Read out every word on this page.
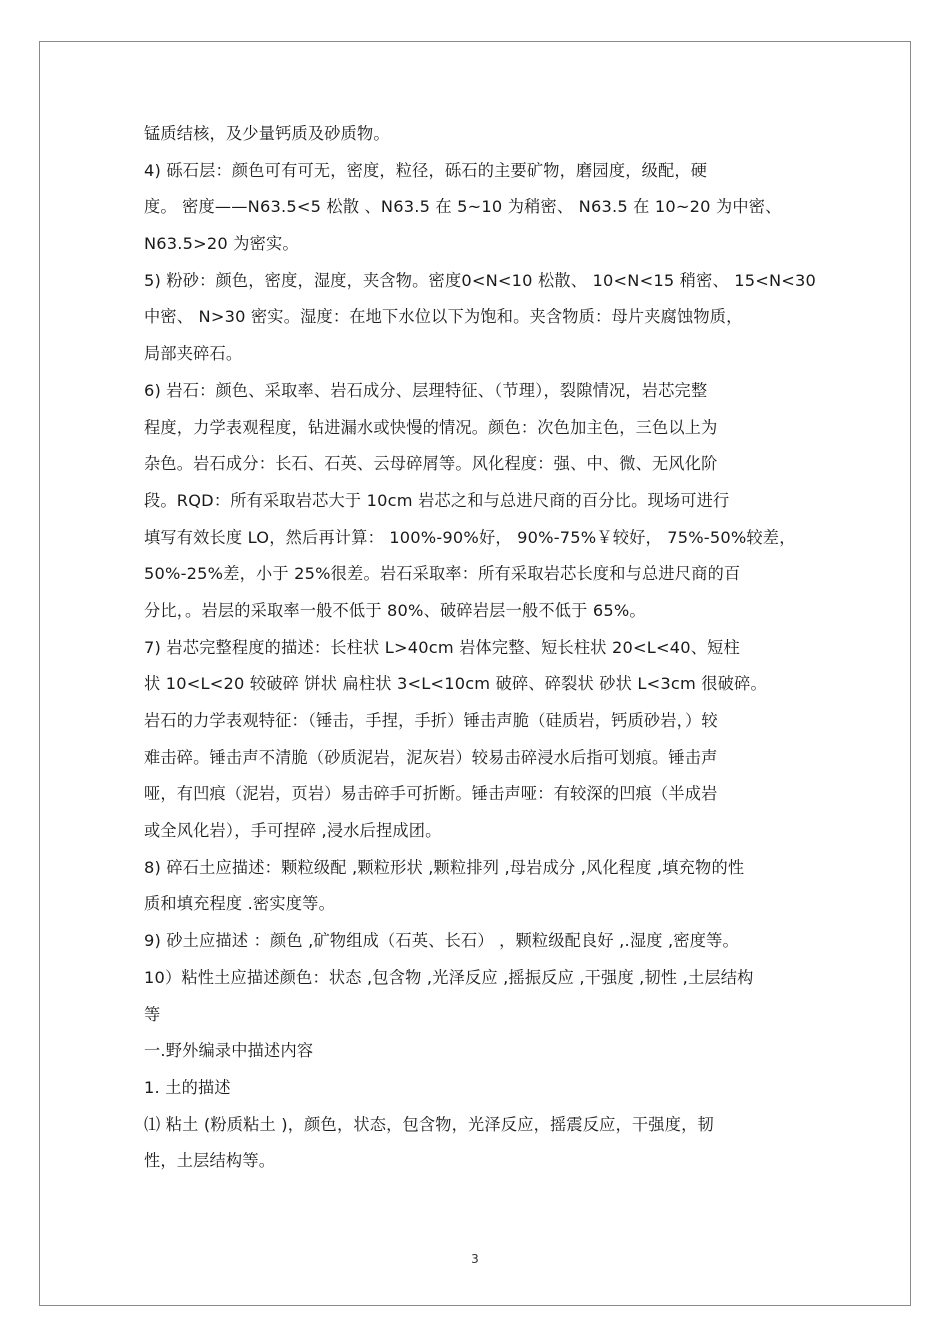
锰质结核，及少量钙质及砂质物。
4) 砾石层：颜色可有可无，密度，粒径，砾石的主要矿物，磨园度，级配，硬
度。 密度——N63.5<5 松散 、N63.5 在 5~10 为稍密、 N63.5 在 10~20 为中密、
N63.5>20 为密实。
5) 粉砂：颜色，密度，湿度，夹含物。密度0<N<10 松散、 10<N<15 稍密、 15<N<30
中密、 N>30 密实。湿度：在地下水位以下为饱和。夹含物质：母片夹腐蚀物质，
局部夹碎石。
6) 岩石：颜色、采取率、岩石成分、层理特征、（节理），裂隙情况，岩芯完整
程度，力学表观程度，钻进漏水或快慢的情况。颜色：次色加主色，三色以上为
杂色。岩石成分：长石、石英、云母碎屑等。风化程度：强、中、微、无风化阶
段。RQD：所有采取岩芯大于 10cm 岩芯之和与总进尺商的百分比。现场可进行
填写有效长度 LO，然后再计算： 100%-90%好， 90%-75%￥较好， 75%-50%较差，
50%-25%差，小于 25%很差。岩石采取率：所有采取岩芯长度和与总进尺商的百
分比，。岩层的采取率一般不低于 80%、破碎岩层一般不低于 65%。
7) 岩芯完整程度的描述：长柱状 L>40cm 岩体完整、短长柱状 20<L<40、短柱
状 10<L<20 较破碎 饼状 扁柱状 3<L<10cm 破碎、碎裂状 砂状 L<3cm 很破碎。
岩石的力学表观特征：（锤击，手捏，手折）锤击声脆（硅质岩，钙质砂岩，）较
难击碎。锤击声不清脆（砂质泥岩，泥灰岩）较易击碎浸水后指可划痕。锤击声
哑，有凹痕（泥岩，页岩）易击碎手可折断。锤击声哑：有较深的凹痕（半成岩
或全风化岩），手可捏碎 ,浸水后捏成团。
8) 碎石土应描述：颗粒级配 ,颗粒形状 ,颗粒排列 ,母岩成分 ,风化程度 ,填充物的性
质和填充程度 .密实度等。
9) 砂土应描述 ：颜色 ,矿物组成（石英、长石） ，颗粒级配良好 ,.湿度 ,密度等。
10）粘性土应描述颜色：状态 ,包含物 ,光泽反应 ,摇振反应 ,干强度 ,韧性 ,土层结构
等
一.野外编录中描述内容
1. 土的描述
⑴ 粘土 (粉质粘土 )，颜色，状态，包含物，光泽反应，摇震反应，干强度，韧
性，土层结构等。
3
